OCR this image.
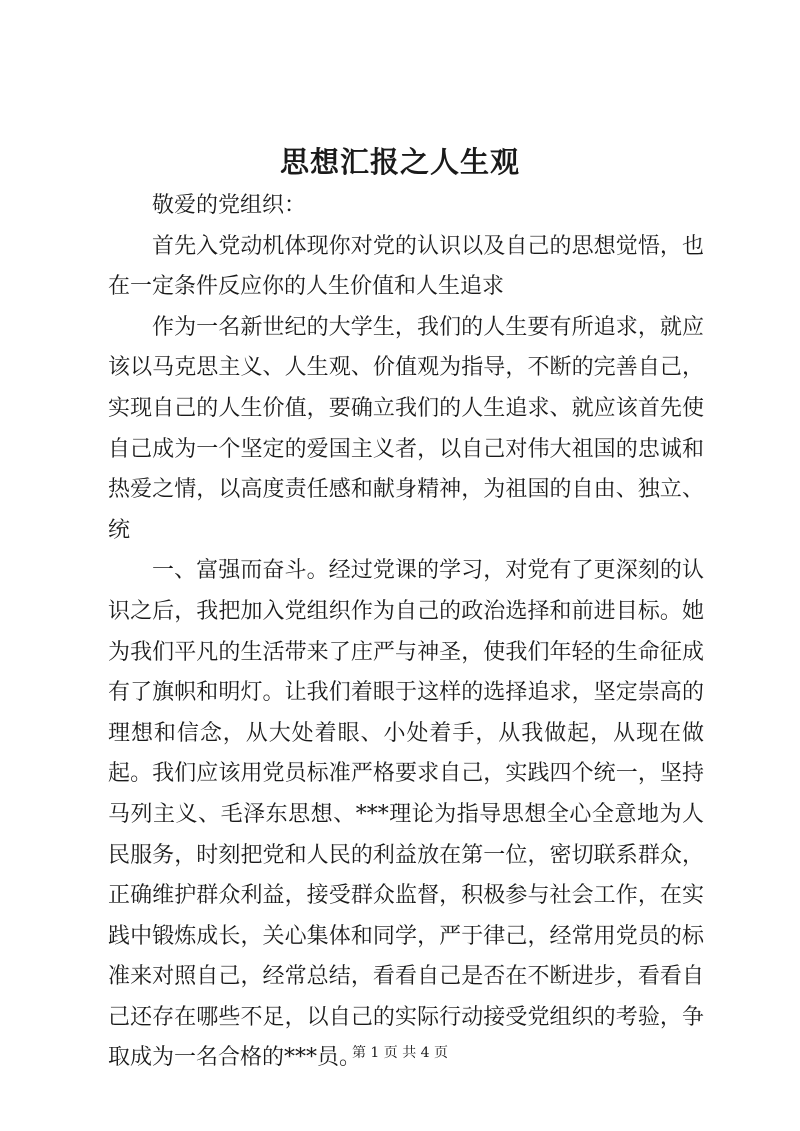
思想汇报之人生观

敬爱的党组织：

首先入党动机体现你对党的认识以及自己的思想觉悟，也在一定条件反应你的人生价值和人生追求

作为一名新世纪的大学生，我们的人生要有所追求，就应该以马克思主义、人生观、价值观为指导，不断的完善自己，实现自己的人生价值，要确立我们的人生追求、就应该首先使自己成为一个坚定的爱国主义者，以自己对伟大祖国的忠诚和热爱之情，以高度责任感和献身精神，为祖国的自由、独立、统

一、富强而奋斗。经过党课的学习，对党有了更深刻的认识之后，我把加入党组织作为自己的政治选择和前进目标。她为我们平凡的生活带来了庄严与神圣，使我们年轻的生命征成有了旗帜和明灯。让我们着眼于这样的选择追求，坚定崇高的理想和信念，从大处着眼、小处着手，从我做起，从现在做起。我们应该用党员标准严格要求自己，实践四个统一，坚持马列主义、毛泽东思想、***理论为指导思想全心全意地为人民服务，时刻把党和人民的利益放在第一位，密切联系群众，正确维护群众利益，接受群众监督，积极参与社会工作，在实践中锻炼成长，关心集体和同学，严于律己，经常用党员的标准来对照自己，经常总结，看看自己是否在不断进步，看看自己还存在哪些不足，以自己的实际行动接受党组织的考验，争取成为一名合格的***员。

第 1 页 共 4 页
